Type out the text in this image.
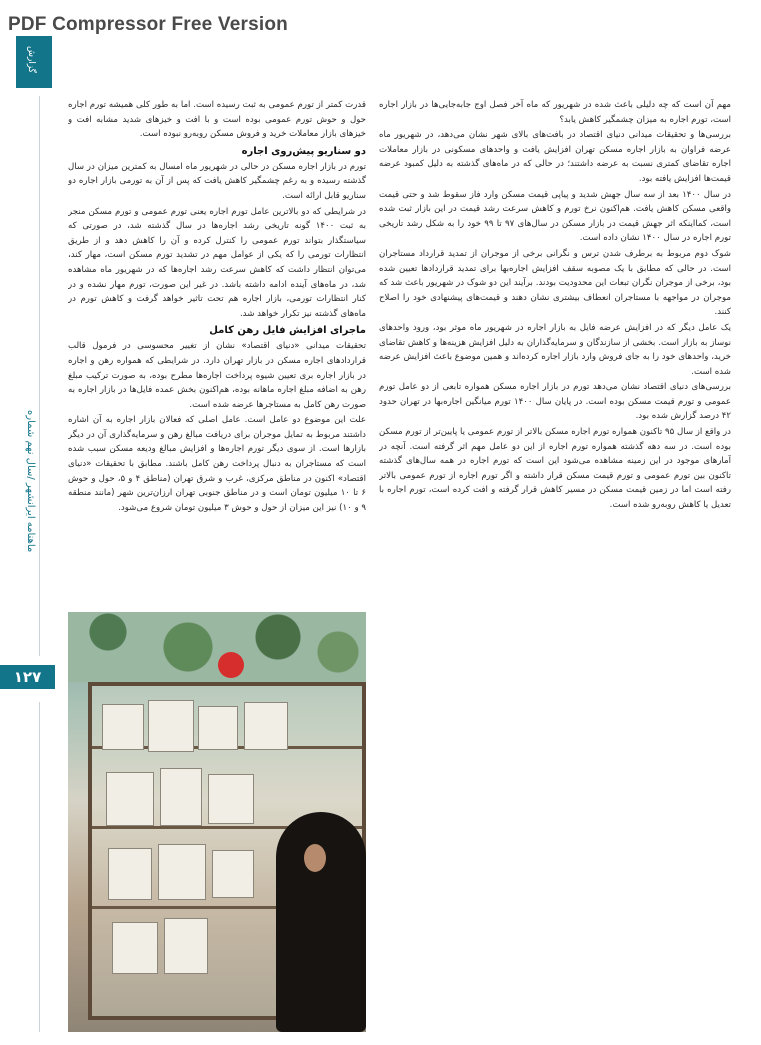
PDF Compressor Free Version
گزارش
ماهنامه ایرانشهر /سال نهم شماره
۱۲۷

مهم آن است که چه دلیلی باعث شده در شهریور که ماه آخر فصل اوج جابه‌جایی‌ها در بازار اجاره است، تورم اجاره به میزان چشمگیر کاهش یابد؟

بررسی‌ها و تحقیقات میدانی دنیای اقتصاد در بافت‌های بالای شهر نشان می‌دهد، در شهریور ماه عرضه فراوان به بازار اجاره مسکن تهران افزایش یافت و واحدهای مسکونی در بازار معاملات اجاره تقاضای کمتری نسبت به عرضه داشتند؛ در حالی که در ماه‌های گذشته به دلیل کمبود عرضه قیمت‌ها افزایش یافته بود.

در سال ۱۴۰۰ بعد از سه سال جهش شدید و پیاپی قیمت مسکن وارد فاز سقوط شد و حتی قیمت واقعی مسکن کاهش یافت. هم‌اکنون نرخ تورم و کاهش سرعت رشد قیمت در این بازار ثبت شده است، کمااینکه اثر جهش قیمت در بازار مسکن در سال‌های ۹۷ تا ۹۹ خود را به شکل رشد تاریخی تورم اجاره در سال ۱۴۰۰ نشان داده است.

شوک دوم مربوط به برطرف شدن ترس و نگرانی برخی از موجران از تمدید قرارداد مستاجران است. در حالی که مطابق با یک مصوبه سقف افزایش اجاره‌بها برای تمدید قراردادها تعیین شده بود، برخی از موجران نگران تبعات این محدودیت بودند. برآیند این دو شوک در شهریور باعث شد که موجران در مواجهه با مستاجران انعطاف بیشتری نشان دهند و قیمت‌های پیشنهادی خود را اصلاح کنند.

یک عامل دیگر که در افزایش عرضه فایل به بازار اجاره در شهریور ماه موثر بود، ورود واحدهای نوساز به بازار است. بخشی از سازندگان و سرمایه‌گذاران به دلیل افزایش هزینه‌ها و کاهش تقاضای خرید، واحدهای خود را به جای فروش وارد بازار اجاره کرده‌اند و همین موضوع باعث افزایش عرضه شده است.

بررسی‌های دنیای اقتصاد نشان می‌دهد تورم در بازار اجاره مسکن همواره تابعی از دو عامل تورم عمومی و تورم قیمت مسکن بوده است. در پایان سال ۱۴۰۰ تورم میانگین اجاره‌بها در تهران حدود ۴۲ درصد گزارش شده بود.

در واقع از سال ۹۵ تاکنون همواره تورم اجاره مسکن بالاتر از تورم عمومی یا پایین‌تر از تورم مسکن بوده است. در سه دهه گذشته همواره تورم اجاره از این دو عامل مهم اثر گرفته است. آنچه در آمارهای موجود در این زمینه مشاهده می‌شود این است که تورم اجاره در همه سال‌های گذشته تاکنون بین تورم عمومی و تورم قیمت مسکن قرار داشته و اگر تورم اجاره از تورم عمومی بالاتر رفته است اما در زمین قیمت مسکن در مسیر کاهش قرار گرفته و افت کرده است، تورم اجاره با تعدیل یا کاهش روبه‌رو شده است.

قدرت کمتر از تورم عمومی به ثبت رسیده است. اما به طور کلی همیشه تورم اجاره حول و حوش تورم عمومی بوده است و با افت و خیزهای شدید مشابه افت و خیزهای بازار معاملات خرید و فروش مسکن روبه‌رو نبوده است.

دو سناریو پیش‌روی اجاره

تورم در بازار اجاره مسکن در حالی در شهریور ماه امسال به کمترین میزان در سال گذشته رسیده و به رغم چشمگیر کاهش یافت که پس از آن به تورمی بازار اجاره دو سناریو قابل ارائه است.

در شرایطی که دو بالاترین عامل تورم اجاره یعنی تورم عمومی و تورم مسکن منجر به ثبت ۱۴۰۰ گونه تاریخی رشد اجاره‌ها در سال گذشته شد، در صورتی که سیاستگذار بتواند تورم عمومی را کنترل کرده و آن را کاهش دهد و از طریق انتظارات تورمی را که یکی از عوامل مهم در تشدید تورم مسکن است، مهار کند، می‌توان انتظار داشت که کاهش سرعت رشد اجاره‌ها که در شهریور ماه مشاهده شد، در ماه‌های آینده ادامه داشته باشد. در غیر این صورت، تورم مهار نشده و در کنار انتظارات تورمی، بازار اجاره هم تحت تاثیر خواهد گرفت و کاهش تورم در ماه‌های گذشته نیز تکرار خواهد شد.

ماجرای افزایش فایل رهن کامل

تحقیقات میدانی «دنیای اقتصاد» نشان از تغییر محسوسی در فرمول قالب قراردادهای اجاره مسکن در بازار تهران دارد. در شرایطی که همواره رهن و اجاره در بازار اجاره بری تعیین شیوه پرداخت اجاره‌ها مطرح بوده، به صورت ترکیب مبلغ رهن به اضافه مبلغ اجاره ماهانه بوده، هم‌اکنون بخش عمده فایل‌ها در بازار اجاره به صورت رهن کامل به مستاجرها عرضه شده است.

علت این موضوع دو عامل است. عامل اصلی که فعالان بازار اجاره به آن اشاره داشتند مربوط به تمایل موجران برای دریافت مبالغ رهن و سرمایه‌گذاری آن در دیگر بازارها است. از سوی دیگر تورم اجاره‌ها و افزایش مبالغ ودیعه مسکن سبب شده است که مستاجران به دنبال پرداخت رهن کامل باشند. مطابق با تحقیقات «دنیای اقتصاد» اکنون در مناطق مرکزی، غرب و شرق تهران (مناطق ۴ و ۵، حول و حوش ۶ تا ۱۰ میلیون تومان است و در مناطق جنوبی تهران ارزان‌ترین شهر (مانند منطقه ۹ و ۱۰) نیز این میزان از حول و حوش ۳ میلیون تومان شروع می‌شود.
